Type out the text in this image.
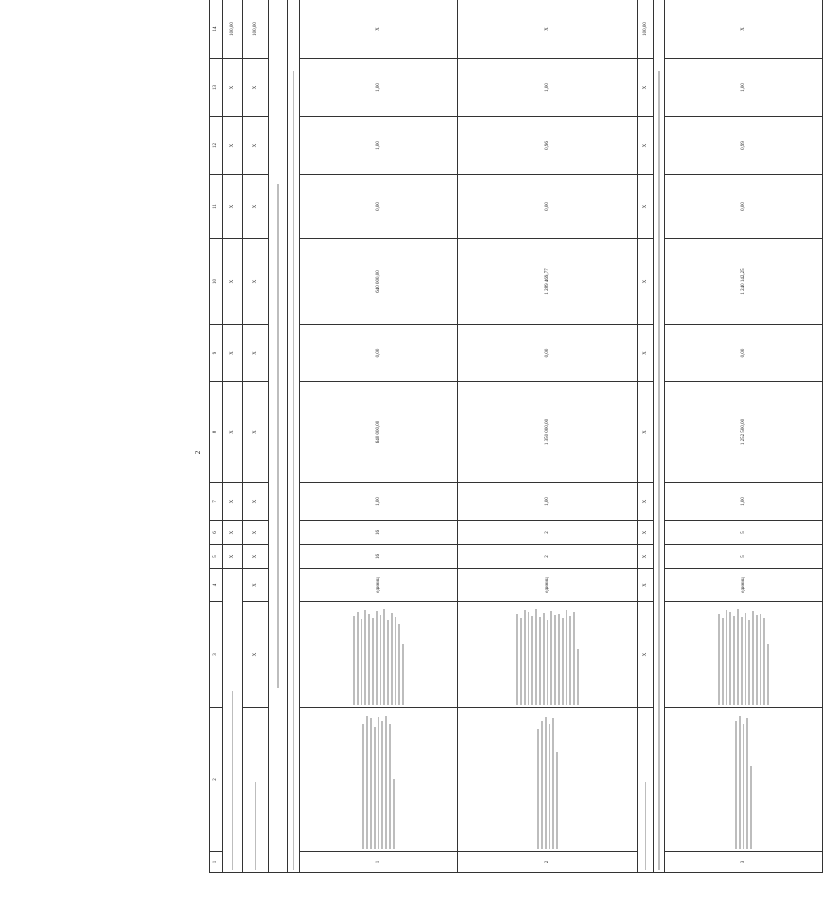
2
1	2	3	4	5	6	7	8	9	10	11	12	13	14

				X	X	X	X	X	X	X	X	X	100,00

		X	X	X	X	X	X	X	X	X	X	X	100,00

1			единиц	16	16	1,00	640 000,00	0,00	640 000,00	0,00	1,00	1,00	X
2			единиц	2	2	1,00	1 350 000,00	0,00	1 289 469,77	0,00	0,96	1,00	X

		X	X	X	X	X	X	X	X	X	X	X	100,00

3			единиц	5	5	1,00	1 252 500,00	0,00	1 240 142,25	0,00	0,99	1,00	X
